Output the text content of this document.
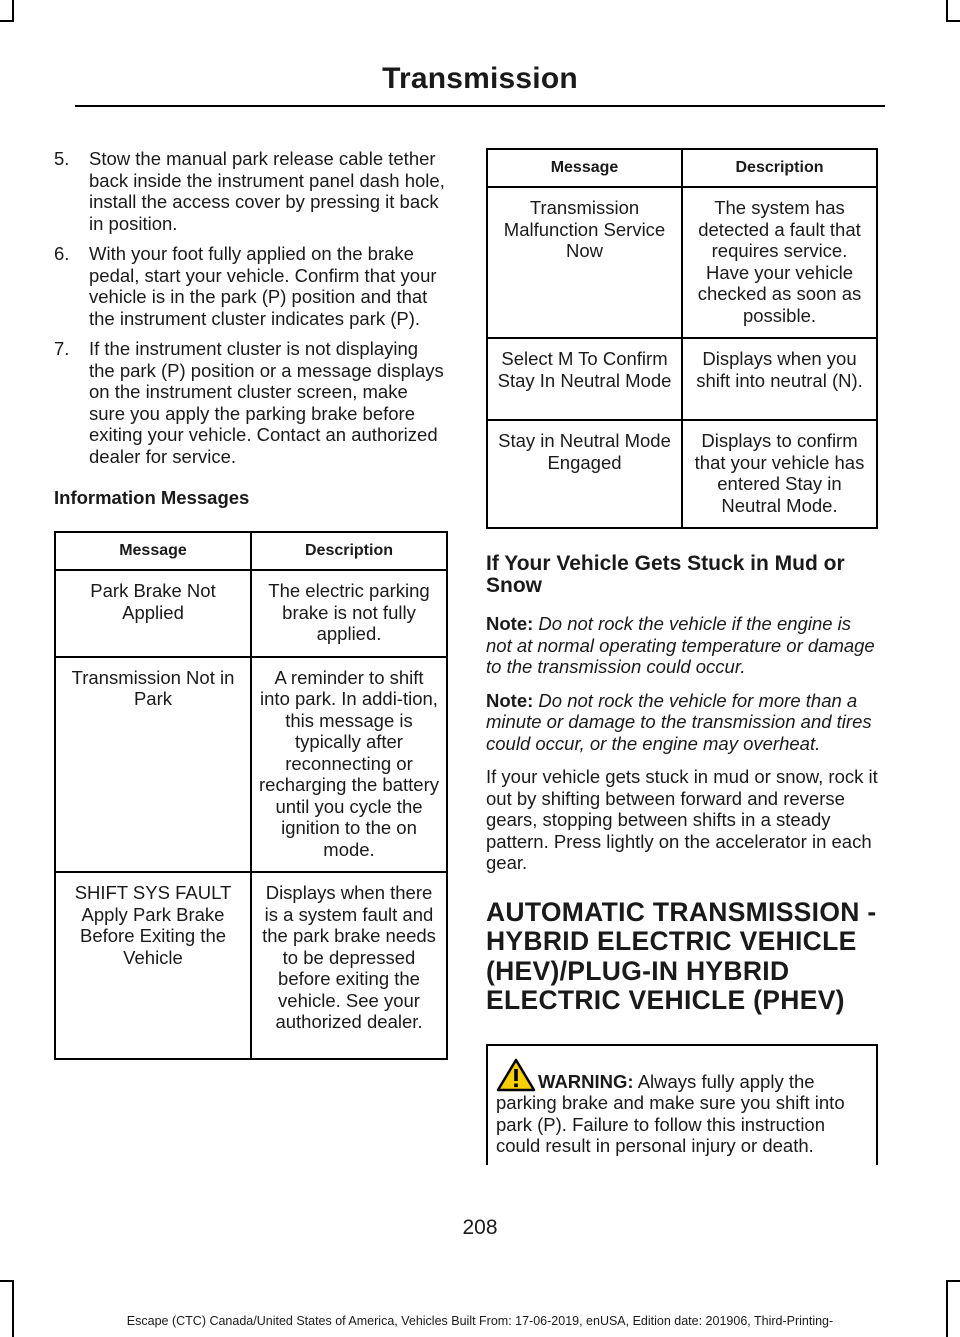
Transmission
5. Stow the manual park release cable tether back inside the instrument panel dash hole, install the access cover by pressing it back in position.
6. With your foot fully applied on the brake pedal, start your vehicle. Confirm that your vehicle is in the park (P) position and that the instrument cluster indicates park (P).
7. If the instrument cluster is not displaying the park (P) position or a message displays on the instrument cluster screen, make sure you apply the parking brake before exiting your vehicle. Contact an authorized dealer for service.
Information Messages
Message	Description
Park Brake Not Applied	The electric parking brake is not fully applied.
Transmission Not in Park	A reminder to shift into park. In addi-tion, this message is typically after reconnecting or recharging the battery until you cycle the ignition to the on mode.
SHIFT SYS FAULT Apply Park Brake Before Exiting the Vehicle	Displays when there is a system fault and the park brake needs to be depressed before exiting the vehicle. See your authorized dealer.
Message	Description
Transmission Malfunction Service Now	The system has detected a fault that requires service. Have your vehicle checked as soon as possible.
Select M To Confirm Stay In Neutral Mode	Displays when you shift into neutral (N).
Stay in Neutral Mode Engaged	Displays to confirm that your vehicle has entered Stay in Neutral Mode.
If Your Vehicle Gets Stuck in Mud or Snow

Note: Do not rock the vehicle if the engine is not at normal operating temperature or damage to the transmission could occur.

Note: Do not rock the vehicle for more than a minute or damage to the transmission and tires could occur, or the engine may overheat.

If your vehicle gets stuck in mud or snow, rock it out by shifting between forward and reverse gears, stopping between shifts in a steady pattern. Press lightly on the accelerator in each gear.

AUTOMATIC TRANSMISSION - HYBRID ELECTRIC VEHICLE (HEV)/PLUG-IN HYBRID ELECTRIC VEHICLE (PHEV)
WARNING: Always fully apply the parking brake and make sure you shift into park (P). Failure to follow this instruction could result in personal injury or death.
208
Escape (CTC) Canada/United States of America, Vehicles Built From: 17-06-2019, enUSA, Edition date: 201906, Third-Printing-
